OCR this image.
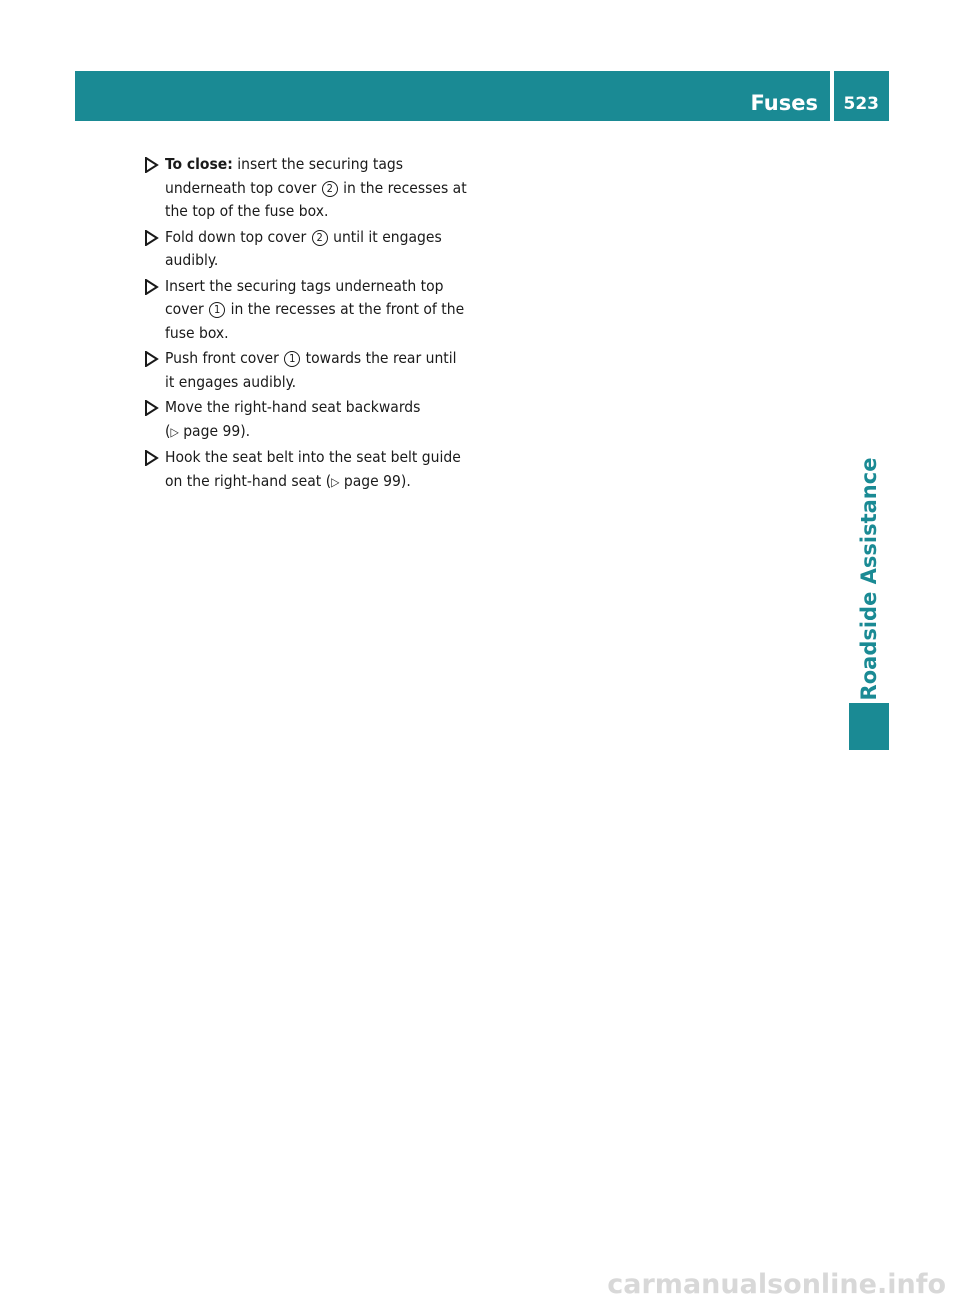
Fuses 523
Roadside Assistance
To close: insert the securing tags
underneath top cover 2 in the recesses at
the top of the fuse box.
Fold down top cover 2 until it engages
audibly.
Insert the securing tags underneath top
cover 1 in the recesses at the front of the
fuse box.
Push front cover 1 towards the rear until
it engages audibly.
Move the right-hand seat backwards
(▷ page 99).
Hook the seat belt into the seat belt guide
on the right-hand seat (▷ page 99).
carmanualsonline.info
